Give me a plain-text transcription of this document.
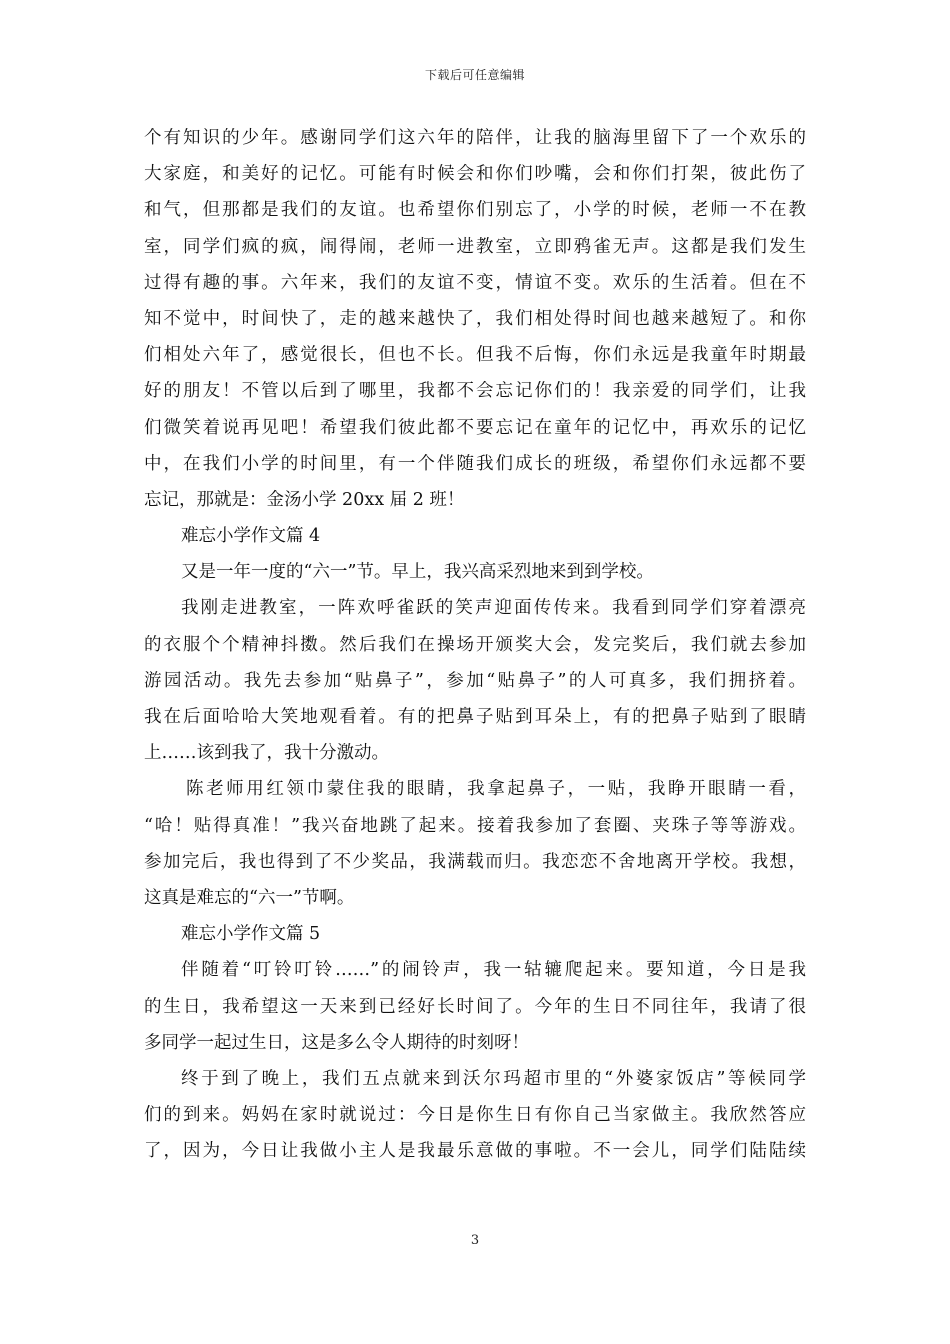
下载后可任意编辑
个有知识的少年。感谢同学们这六年的陪伴，让我的脑海里留下了一个欢乐的
大家庭，和美好的记忆。可能有时候会和你们吵嘴，会和你们打架，彼此伤了
和气，但那都是我们的友谊。也希望你们别忘了，小学的时候，老师一不在教
室，同学们疯的疯，闹得闹，老师一进教室，立即鸦雀无声。这都是我们发生
过得有趣的事。六年来，我们的友谊不变，情谊不变。欢乐的生活着。但在不
知不觉中，时间快了，走的越来越快了，我们相处得时间也越来越短了。和你
们相处六年了，感觉很长，但也不长。但我不后悔，你们永远是我童年时期最
好的朋友！不管以后到了哪里，我都不会忘记你们的！我亲爱的同学们，让我
们微笑着说再见吧！希望我们彼此都不要忘记在童年的记忆中，再欢乐的记忆
中，在我们小学的时间里，有一个伴随我们成长的班级，希望你们永远都不要
忘记，那就是：金汤小学 20xx 届 2 班！
难忘小学作文篇 4
又是一年一度的“六一”节。早上，我兴高采烈地来到到学校。
我刚走进教室，一阵欢呼雀跃的笑声迎面传传来。我看到同学们穿着漂亮
的衣服个个精神抖擞。然后我们在操场开颁奖大会，发完奖后，我们就去参加
游园活动。我先去参加“贴鼻子”，参加“贴鼻子”的人可真多，我们拥挤着。
我在后面哈哈大笑地观看着。有的把鼻子贴到耳朵上，有的把鼻子贴到了眼睛
上……该到我了，我十分激动。
陈老师用红领巾蒙住我的眼睛，我拿起鼻子，一贴，我睁开眼睛一看，
“哈！贴得真准！”我兴奋地跳了起来。接着我参加了套圈、夹珠子等等游戏。
参加完后，我也得到了不少奖品，我满载而归。我恋恋不舍地离开学校。我想，
这真是难忘的“六一”节啊。
难忘小学作文篇 5
伴随着“叮铃叮铃……”的闹铃声，我一轱辘爬起来。要知道，今日是我
的生日，我希望这一天来到已经好长时间了。今年的生日不同往年，我请了很
多同学一起过生日，这是多么令人期待的时刻呀！
终于到了晚上，我们五点就来到沃尔玛超市里的“外婆家饭店”等候同学
们的到来。妈妈在家时就说过：今日是你生日有你自己当家做主。我欣然答应
了，因为，今日让我做小主人是我最乐意做的事啦。不一会儿，同学们陆陆续
3
